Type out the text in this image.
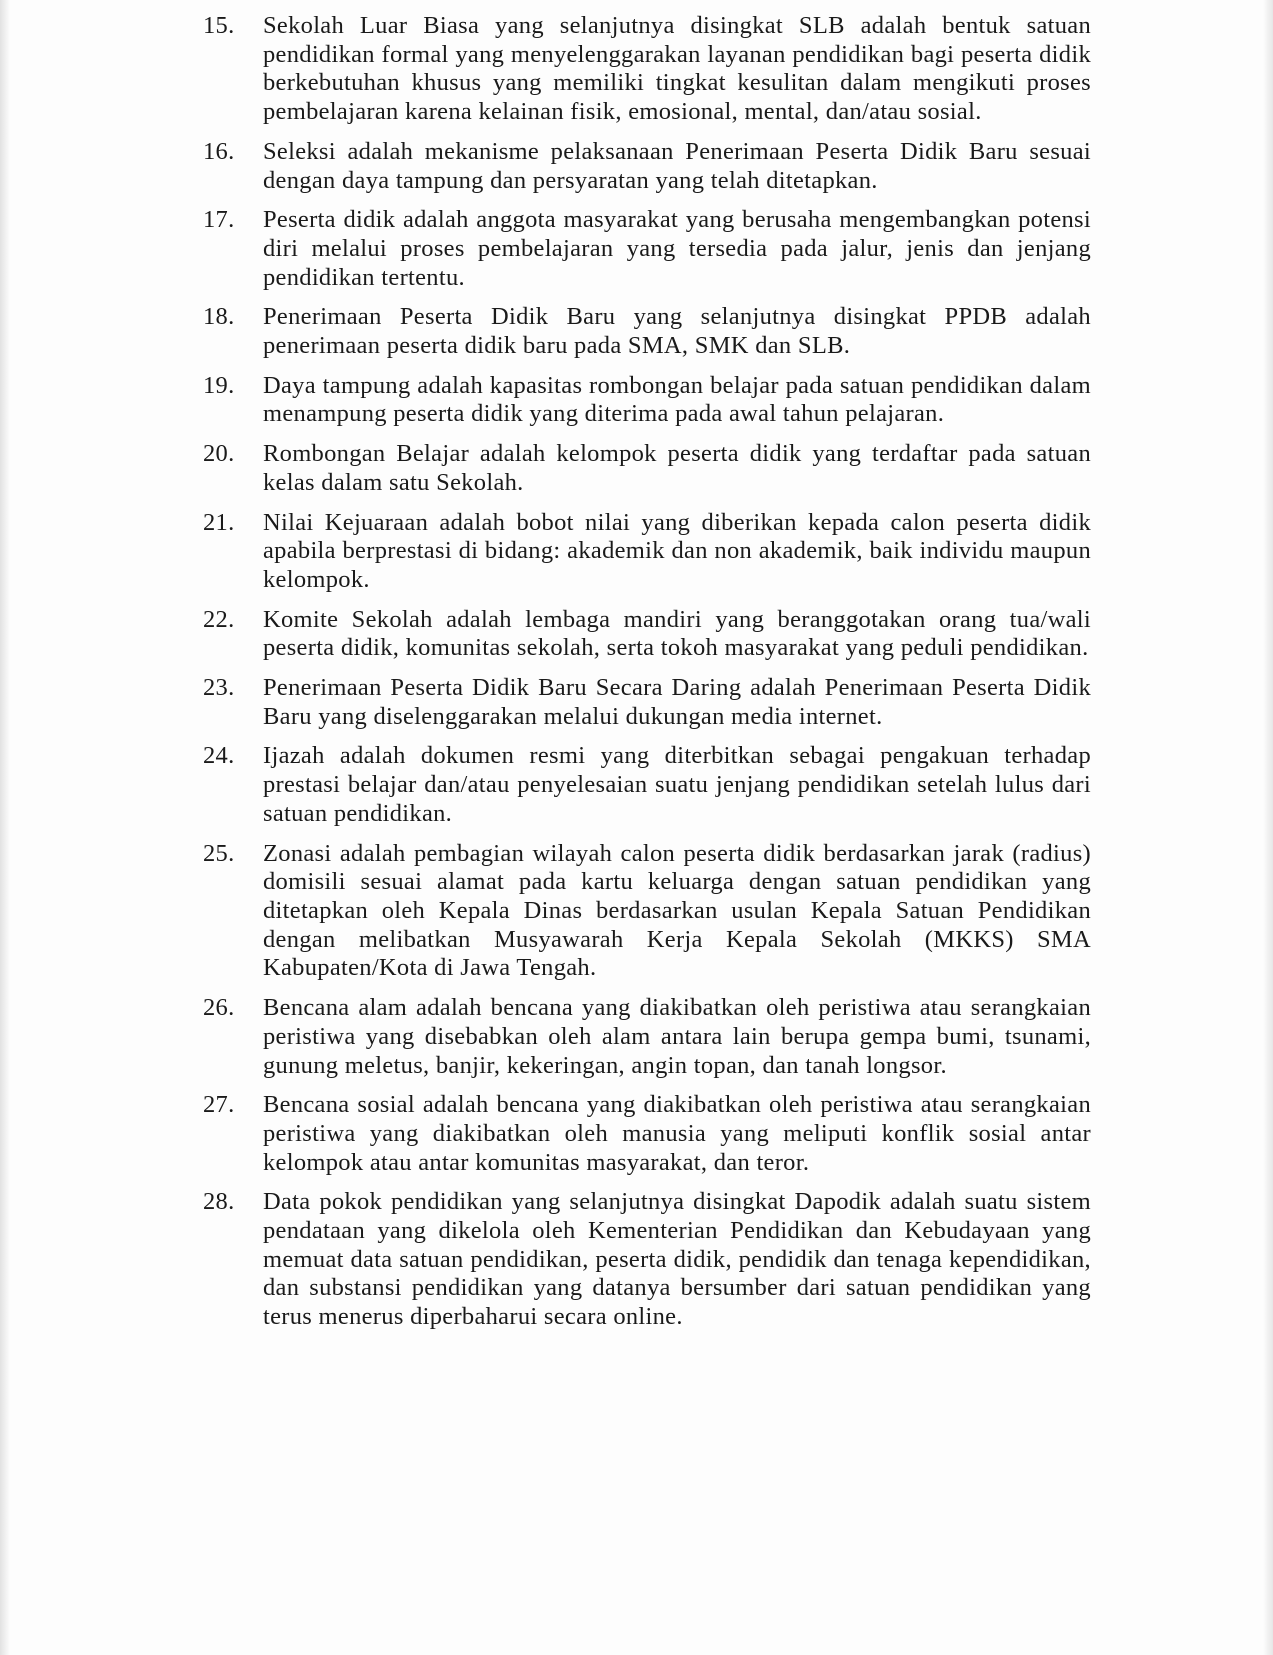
15.	Sekolah Luar Biasa yang selanjutnya disingkat SLB adalah bentuk satuan pendidikan formal yang menyelenggarakan layanan pendidikan bagi peserta didik berkebutuhan khusus yang memiliki tingkat kesulitan dalam mengikuti proses pembelajaran karena kelainan fisik, emosional, mental, dan/atau sosial.
16.	Seleksi adalah mekanisme pelaksanaan Penerimaan Peserta Didik Baru sesuai dengan daya tampung dan persyaratan yang telah ditetapkan.
17.	Peserta didik adalah anggota masyarakat yang berusaha mengembangkan potensi diri melalui proses pembelajaran yang tersedia pada jalur, jenis dan jenjang pendidikan tertentu.
18.	Penerimaan Peserta Didik Baru yang selanjutnya disingkat PPDB adalah penerimaan peserta didik baru pada SMA, SMK dan SLB.
19.	Daya tampung adalah kapasitas rombongan belajar pada satuan pendidikan dalam menampung peserta didik yang diterima pada awal tahun pelajaran.
20.	Rombongan Belajar adalah kelompok peserta didik yang terdaftar pada satuan kelas dalam satu Sekolah.
21.	Nilai Kejuaraan adalah bobot nilai yang diberikan kepada calon peserta didik apabila berprestasi di bidang: akademik dan non akademik, baik individu maupun kelompok.
22.	Komite Sekolah adalah lembaga mandiri yang beranggotakan orang tua/wali peserta didik, komunitas sekolah, serta tokoh masyarakat yang peduli pendidikan.
23.	Penerimaan Peserta Didik Baru Secara Daring adalah Penerimaan Peserta Didik Baru yang diselenggarakan melalui dukungan media internet.
24.	Ijazah adalah dokumen resmi yang diterbitkan sebagai pengakuan terhadap prestasi belajar dan/atau penyelesaian suatu jenjang pendidikan setelah lulus dari satuan pendidikan.
25.	Zonasi adalah pembagian wilayah calon peserta didik berdasarkan jarak (radius) domisili sesuai alamat pada kartu keluarga dengan satuan pendidikan yang ditetapkan oleh Kepala Dinas berdasarkan usulan Kepala Satuan Pendidikan dengan melibatkan Musyawarah Kerja Kepala Sekolah (MKKS) SMA Kabupaten/Kota di Jawa Tengah.
26.	Bencana alam adalah bencana yang diakibatkan oleh peristiwa atau serangkaian peristiwa yang disebabkan oleh alam antara lain berupa gempa bumi, tsunami, gunung meletus, banjir, kekeringan, angin topan, dan tanah longsor.
27.	Bencana sosial adalah bencana yang diakibatkan oleh peristiwa atau serangkaian peristiwa yang diakibatkan oleh manusia yang meliputi konflik sosial antar kelompok atau antar komunitas masyarakat, dan teror.
28.	Data pokok pendidikan yang selanjutnya disingkat Dapodik adalah suatu sistem pendataan yang dikelola oleh Kementerian Pendidikan dan Kebudayaan yang memuat data satuan pendidikan, peserta didik, pendidik dan tenaga kependidikan, dan substansi pendidikan yang datanya bersumber dari satuan pendidikan yang terus menerus diperbaharui secara online.
